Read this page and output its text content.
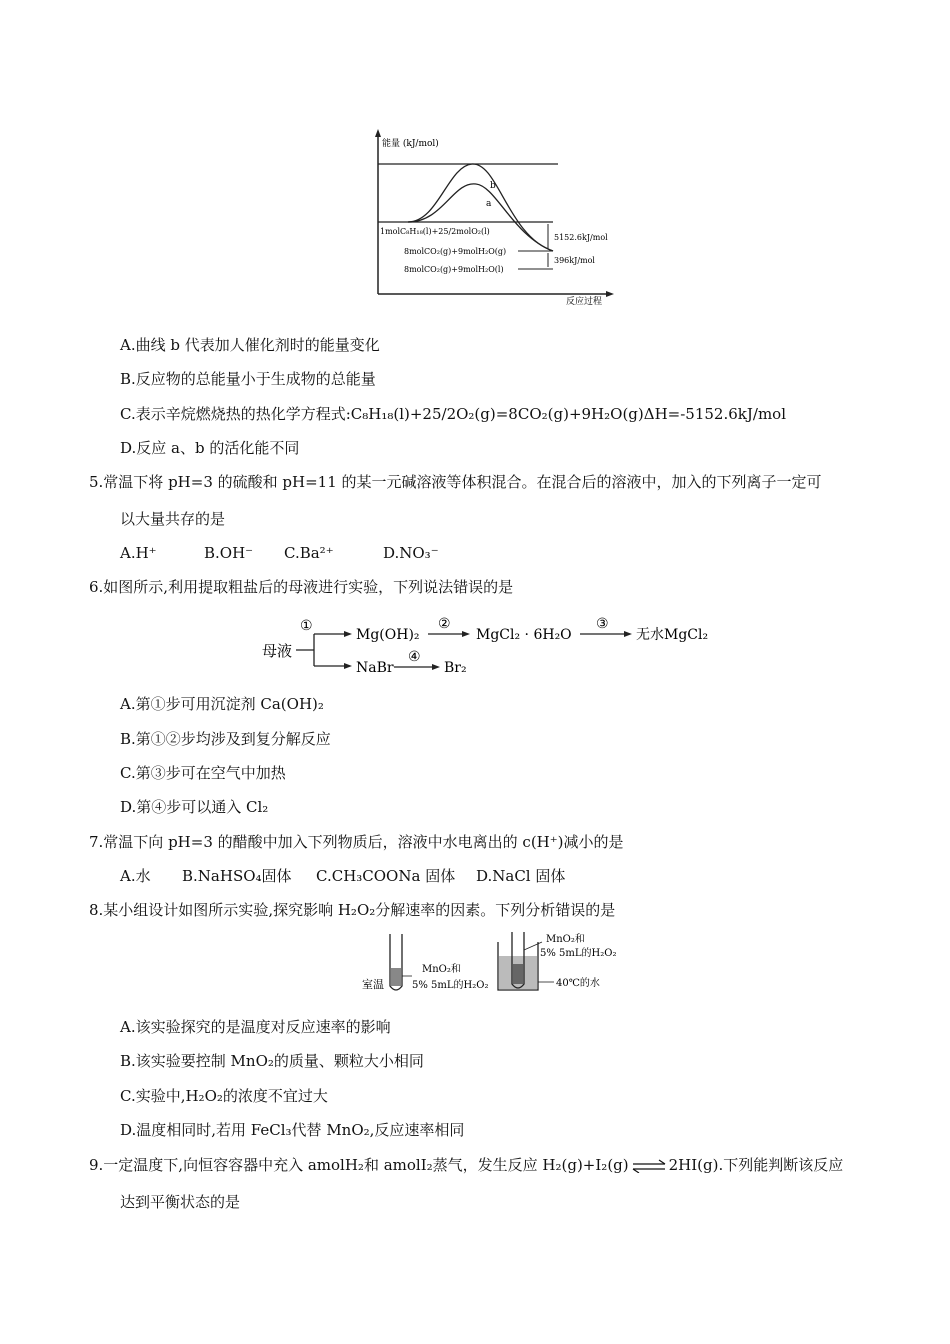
b
a
能量 (kJ/mol)
反应过程
1molC₈H₁₈(l)+25/2molO₂(l)
8molCO₂(g)+9molH₂O(g)
8molCO₂(g)+9molH₂O(l)
5152.6kJ/mol
396kJ/mol
A.曲线 b 代表加人催化剂时的能量变化
B.反应物的总能量小于生成物的总能量
C.表示辛烷燃烧热的热化学方程式:C₈H₁₈(l)+25/2O₂(g)=8CO₂(g)+9H₂O(g)ΔH=-5152.6kJ/mol
D.反应 a、b 的活化能不同
5.常温下将 pH=3 的硫酸和 pH=11 的某一元碱溶液等体积混合。在混合后的溶液中，加入的下列离子一定可
以大量共存的是
A.H⁺	B.OH⁻ C.Ba²⁺	D.NO₃⁻
6.如图所示,利用提取粗盐后的母液进行实验，下列说法错误的是
母液
①
Mg(OH)₂
②
MgCl₂ · 6H₂O
③
无水MgCl₂
NaBr
④
Br₂
A.第①步可用沉淀剂 Ca(OH)₂
B.第①②步均涉及到复分解反应
C.第③步可在空气中加热
D.第④步可以通入 Cl₂
7.常温下向 pH=3 的醋酸中加入下列物质后，溶液中水电离出的 c(H⁺)减小的是
A.水 B.NaHSO₄固体 C.CH₃COONa 固体 D.NaCl 固体
8.某小组设计如图所示实验,探究影响 H₂O₂分解速率的因素。下列分析错误的是
室温
MnO₂和
5% 5mL的H₂O₂
MnO₂和
5% 5mL的H₂O₂
40℃的水
A.该实验探究的是温度对反应速率的影响
B.该实验要控制 MnO₂的质量、颗粒大小相同
C.实验中,H₂O₂的浓度不宜过大
D.温度相同时,若用 FeCl₃代替 MnO₂,反应速率相同
9.一定温度下,向恒容容器中充入 amolH₂和 amolI₂蒸气，发生反应 H₂(g)+I₂(g) ⇌ 2HI(g).下列能判断该反应
达到平衡状态的是
